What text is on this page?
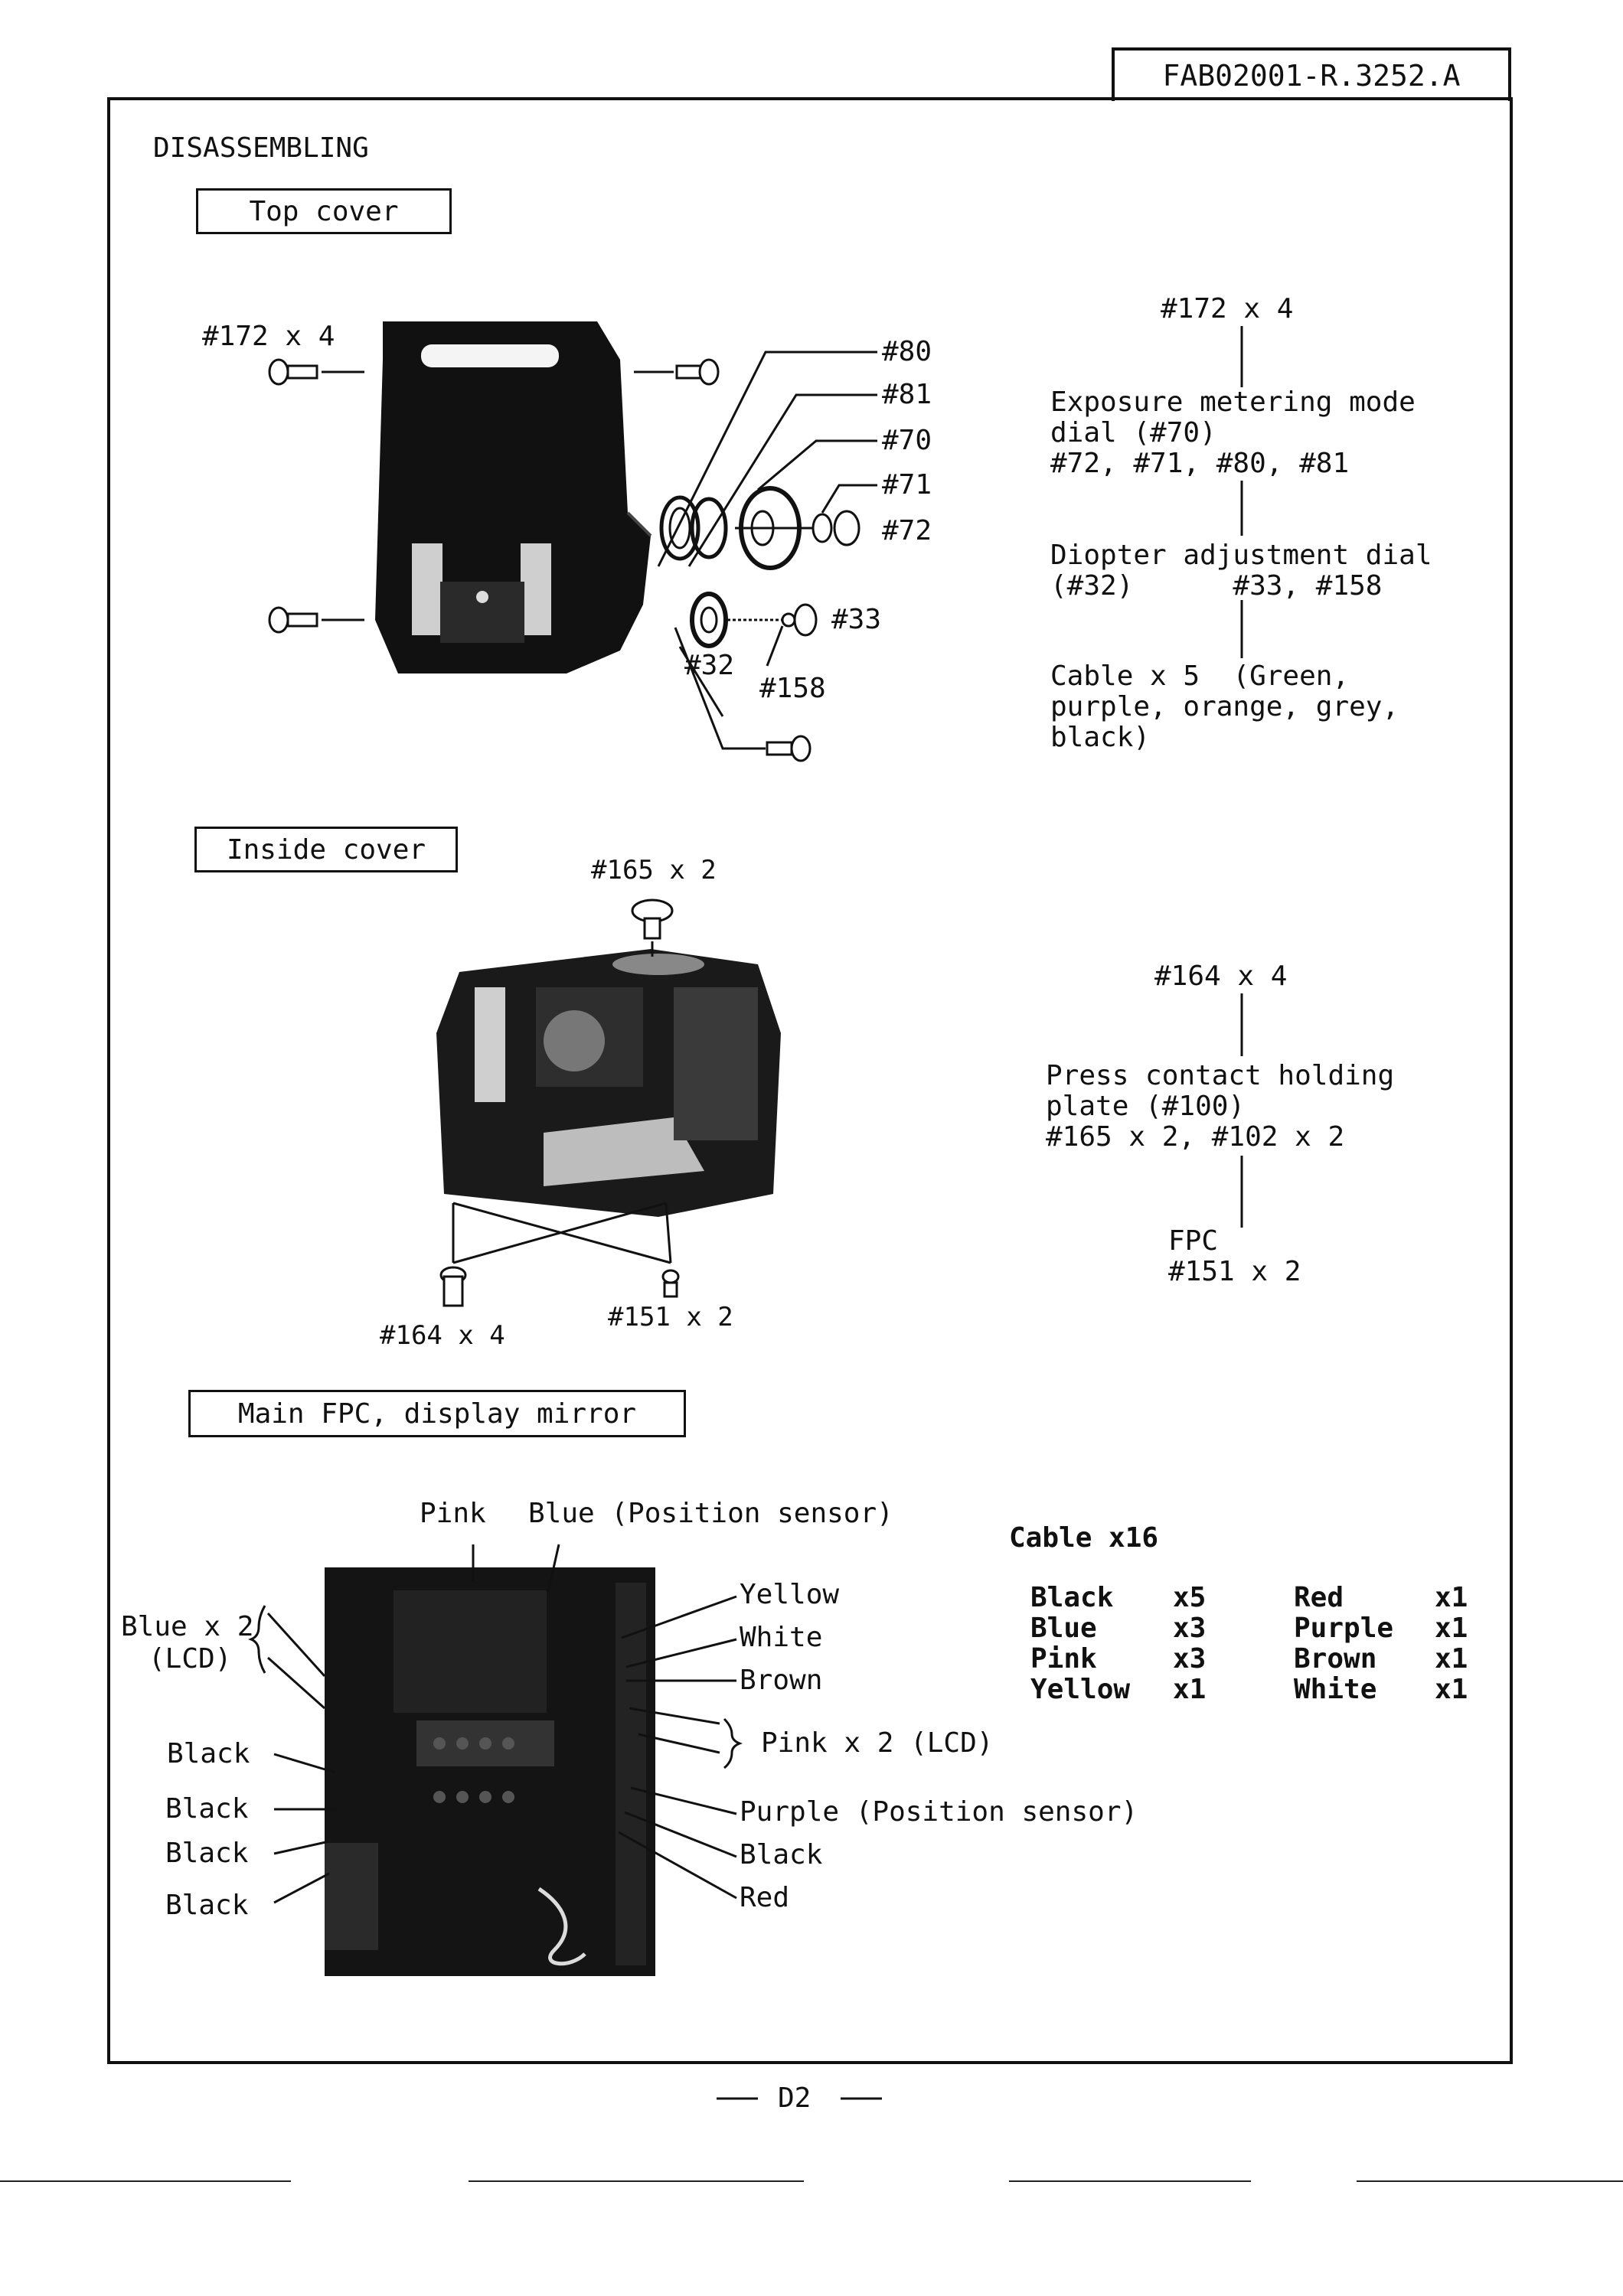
FAB02001-R.3252.A
DISASSEMBLING
Top cover
#172 x 4	#80
#81
#70
#71
#72
#33
#32
#158
#172 x 4
Exposure metering mode
dial (#70)
#72, #71, #80, #81
Diopter adjustment dial
(#32)      #33, #158
Cable x 5  (Green,
purple, orange, grey,
black)
Inside cover
#165 x 2
#164 x 4
#151 x 2
#164 x 4
Press contact holding
plate (#100)
#165 x 2, #102 x 2
FPC
#151 x 2
Main FPC, display mirror
Pink Blue (Position sensor)
Blue x 2
(LCD)
Black
Black
Black
Black
Yellow
White
Brown
Pink x 2 (LCD)
Purple (Position sensor)
Black
Red
Cable x16
Black x5	Red	x1
Blue	x3	Purple x1
Pink	x3	Brown x1
Yellow x1	White x1
D2
